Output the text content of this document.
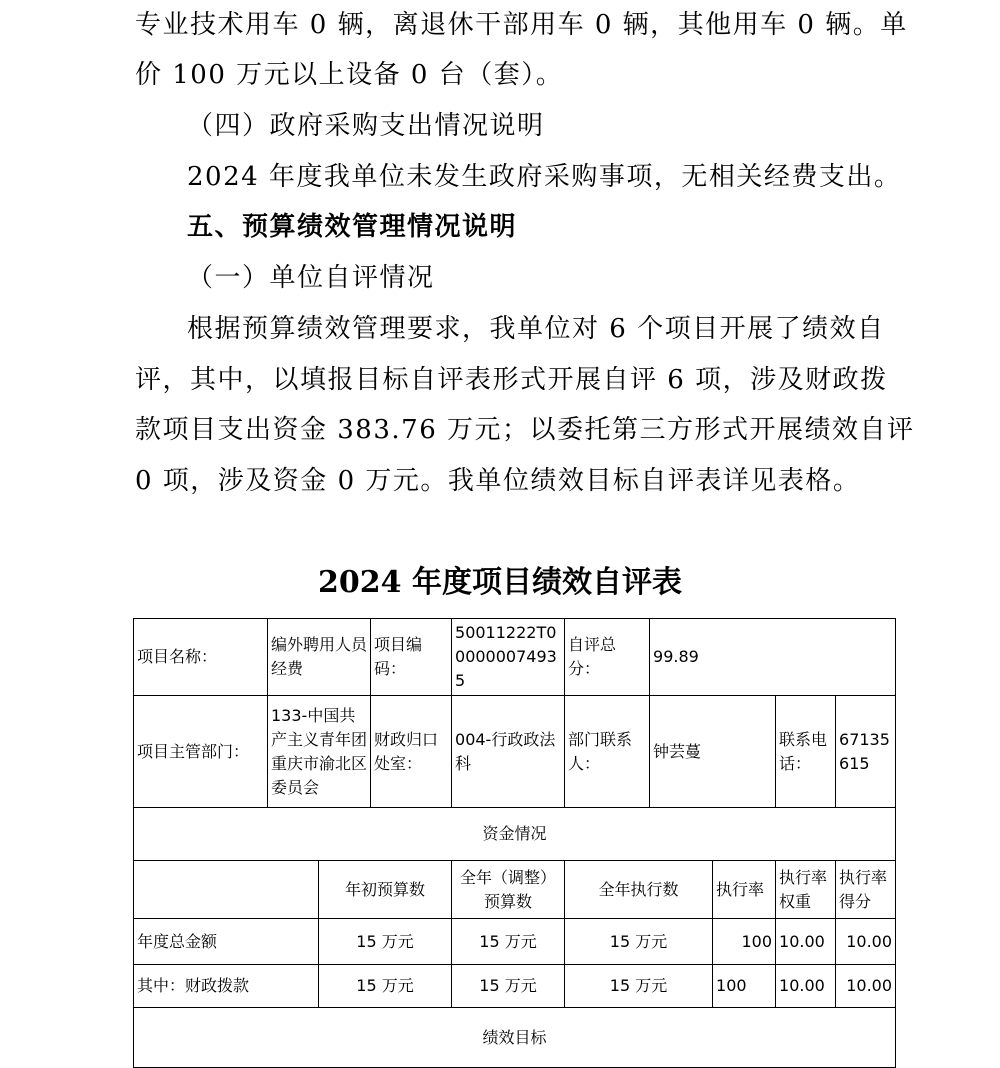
专业技术用车 0 辆，离退休干部用车 0 辆，其他用车 0 辆。单
价 100 万元以上设备 0 台（套）。
（四）政府采购支出情况说明
2024 年度我单位未发生政府采购事项，无相关经费支出。
五、预算绩效管理情况说明
（一）单位自评情况
根据预算绩效管理要求，我单位对 6 个项目开展了绩效自
评，其中，以填报目标自评表形式开展自评 6 项，涉及财政拨
款项目支出资金 383.76 万元；以委托第三方形式开展绩效自评
0 项，涉及资金 0 万元。我单位绩效目标自评表详见表格。
2024 年度项目绩效自评表
项目名称：	编外聘用人员经费		项目编码：	50011222T000000074935	自评总分：	99.89			
项目主管部门：	133-中国共产主义青年团重庆市渝北区委员会		财政归口处室：	004-行政政法科	部门联系人：	钟芸蔓		联系电话：	67135615
资金情况									
		年初预算数		全年（调整）预算数	全年执行数		执行率	执行率权重	执行率得分
年度总金额		15 万元		15 万元	15 万元		100	10.00	10.00
其中：财政拨款		15 万元		15 万元	15 万元		100	10.00	10.00
绩效目标									
